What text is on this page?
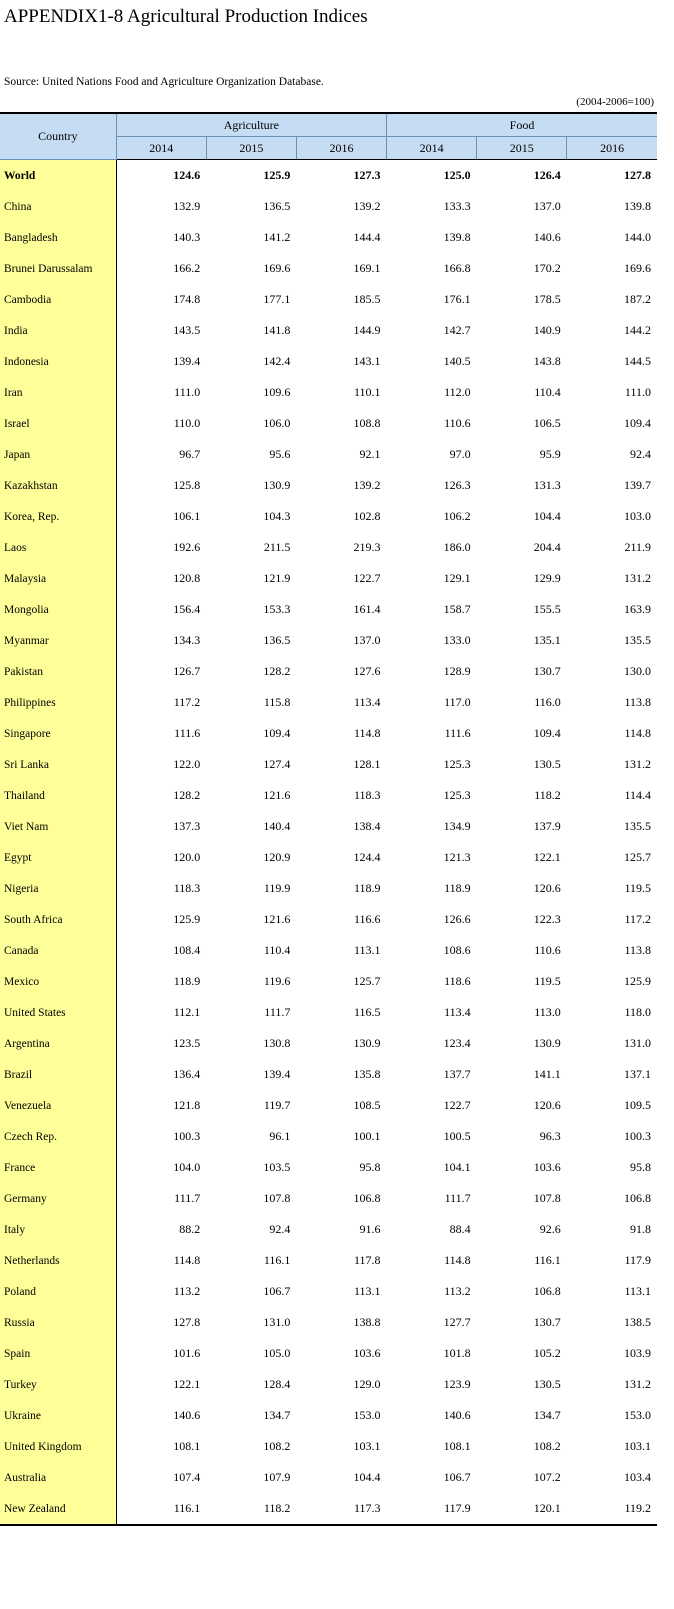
APPENDIX1-8 Agricultural Production Indices
Source: United Nations Food and Agriculture Organization Database.
(2004-2006=100)
Country	Agriculture			Food		
	2014	2015	2016	2014	2015	2016
World	124.6	125.9	127.3	125.0	126.4	127.8
China	132.9	136.5	139.2	133.3	137.0	139.8
Bangladesh	140.3	141.2	144.4	139.8	140.6	144.0
Brunei Darussalam	166.2	169.6	169.1	166.8	170.2	169.6
Cambodia	174.8	177.1	185.5	176.1	178.5	187.2
India	143.5	141.8	144.9	142.7	140.9	144.2
Indonesia	139.4	142.4	143.1	140.5	143.8	144.5
Iran	111.0	109.6	110.1	112.0	110.4	111.0
Israel	110.0	106.0	108.8	110.6	106.5	109.4
Japan	96.7	95.6	92.1	97.0	95.9	92.4
Kazakhstan	125.8	130.9	139.2	126.3	131.3	139.7
Korea, Rep.	106.1	104.3	102.8	106.2	104.4	103.0
Laos	192.6	211.5	219.3	186.0	204.4	211.9
Malaysia	120.8	121.9	122.7	129.1	129.9	131.2
Mongolia	156.4	153.3	161.4	158.7	155.5	163.9
Myanmar	134.3	136.5	137.0	133.0	135.1	135.5
Pakistan	126.7	128.2	127.6	128.9	130.7	130.0
Philippines	117.2	115.8	113.4	117.0	116.0	113.8
Singapore	111.6	109.4	114.8	111.6	109.4	114.8
Sri Lanka	122.0	127.4	128.1	125.3	130.5	131.2
Thailand	128.2	121.6	118.3	125.3	118.2	114.4
Viet Nam	137.3	140.4	138.4	134.9	137.9	135.5
Egypt	120.0	120.9	124.4	121.3	122.1	125.7
Nigeria	118.3	119.9	118.9	118.9	120.6	119.5
South Africa	125.9	121.6	116.6	126.6	122.3	117.2
Canada	108.4	110.4	113.1	108.6	110.6	113.8
Mexico	118.9	119.6	125.7	118.6	119.5	125.9
United States	112.1	111.7	116.5	113.4	113.0	118.0
Argentina	123.5	130.8	130.9	123.4	130.9	131.0
Brazil	136.4	139.4	135.8	137.7	141.1	137.1
Venezuela	121.8	119.7	108.5	122.7	120.6	109.5
Czech Rep.	100.3	96.1	100.1	100.5	96.3	100.3
France	104.0	103.5	95.8	104.1	103.6	95.8
Germany	111.7	107.8	106.8	111.7	107.8	106.8
Italy	88.2	92.4	91.6	88.4	92.6	91.8
Netherlands	114.8	116.1	117.8	114.8	116.1	117.9
Poland	113.2	106.7	113.1	113.2	106.8	113.1
Russia	127.8	131.0	138.8	127.7	130.7	138.5
Spain	101.6	105.0	103.6	101.8	105.2	103.9
Turkey	122.1	128.4	129.0	123.9	130.5	131.2
Ukraine	140.6	134.7	153.0	140.6	134.7	153.0
United Kingdom	108.1	108.2	103.1	108.1	108.2	103.1
Australia	107.4	107.9	104.4	106.7	107.2	103.4
New Zealand	116.1	118.2	117.3	117.9	120.1	119.2
